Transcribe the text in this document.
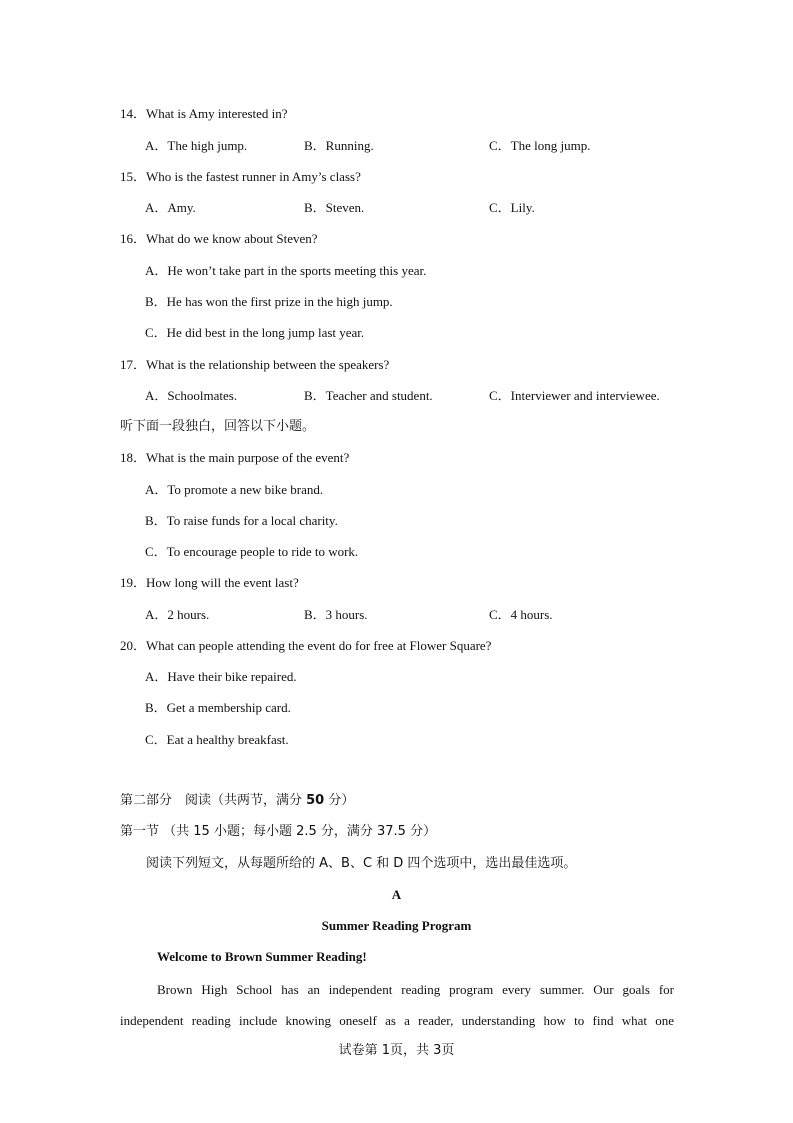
14．What is Amy interested in?
A．The high jump.	B．Running.	C．The long jump.
15．Who is the fastest runner in Amy’s class?
A．Amy.	B．Steven.	C．Lily.
16．What do we know about Steven?
A．He won’t take part in the sports meeting this year.
B．He has won the first prize in the high jump.
C．He did best in the long jump last year.
17．What is the relationship between the speakers?
A．Schoolmates.	B．Teacher and student.	C．Interviewer and interviewee.
听下面一段独白，回答以下小题。
18．What is the main purpose of the event?
A．To promote a new bike brand.
B．To raise funds for a local charity.
C．To encourage people to ride to work.
19．How long will the event last?
A．2 hours.	B．3 hours.	C．4 hours.
20．What can people attending the event do for free at Flower Square?
A．Have their bike repaired.
B．Get a membership card.
C．Eat a healthy breakfast.
第二部分　阅读（共两节，满分 50 分）
第一节 （共 15 小题；每小题 2.5 分，满分 37.5 分）
阅读下列短文，从每题所给的 A、B、C 和 D 四个选项中，选出最佳选项。
A
Summer Reading Program
Welcome to Brown Summer Reading!
Brown High School has an independent reading program every summer. Our goals for
independent reading include knowing oneself as a reader, understanding how to find what one
试卷第 1页，共 3页
